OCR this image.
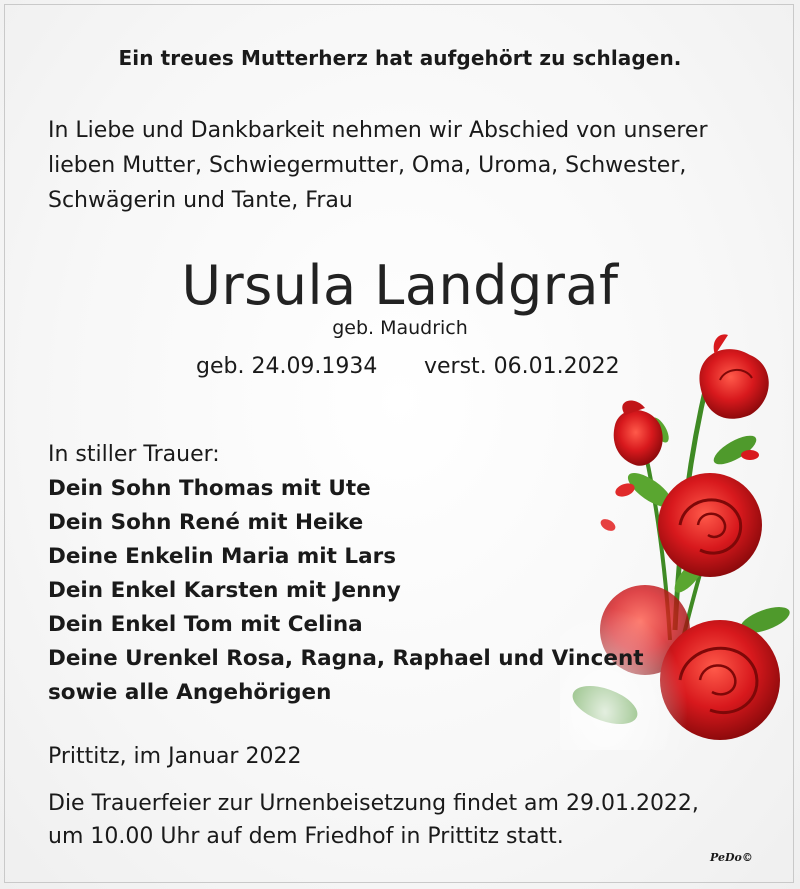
Ein treues Mutterherz hat aufgehört zu schlagen.
In Liebe und Dankbarkeit nehmen wir Abschied von unserer
lieben Mutter, Schwiegermutter, Oma, Uroma, Schwester,
Schwägerin und Tante, Frau
Ursula Landgraf
geb. Maudrich
geb. 24.09.1934 verst. 06.01.2022
In stiller Trauer:
Dein Sohn Thomas mit Ute
Dein Sohn René mit Heike
Deine Enkelin Maria mit Lars
Dein Enkel Karsten mit Jenny
Dein Enkel Tom mit Celina
Deine Urenkel Rosa, Ragna, Raphael und Vincent
sowie alle Angehörigen
Prittitz, im Januar 2022
Die Trauerfeier zur Urnenbeisetzung findet am 29.01.2022,
um 10.00 Uhr auf dem Friedhof in Prittitz statt.
PeDo©
